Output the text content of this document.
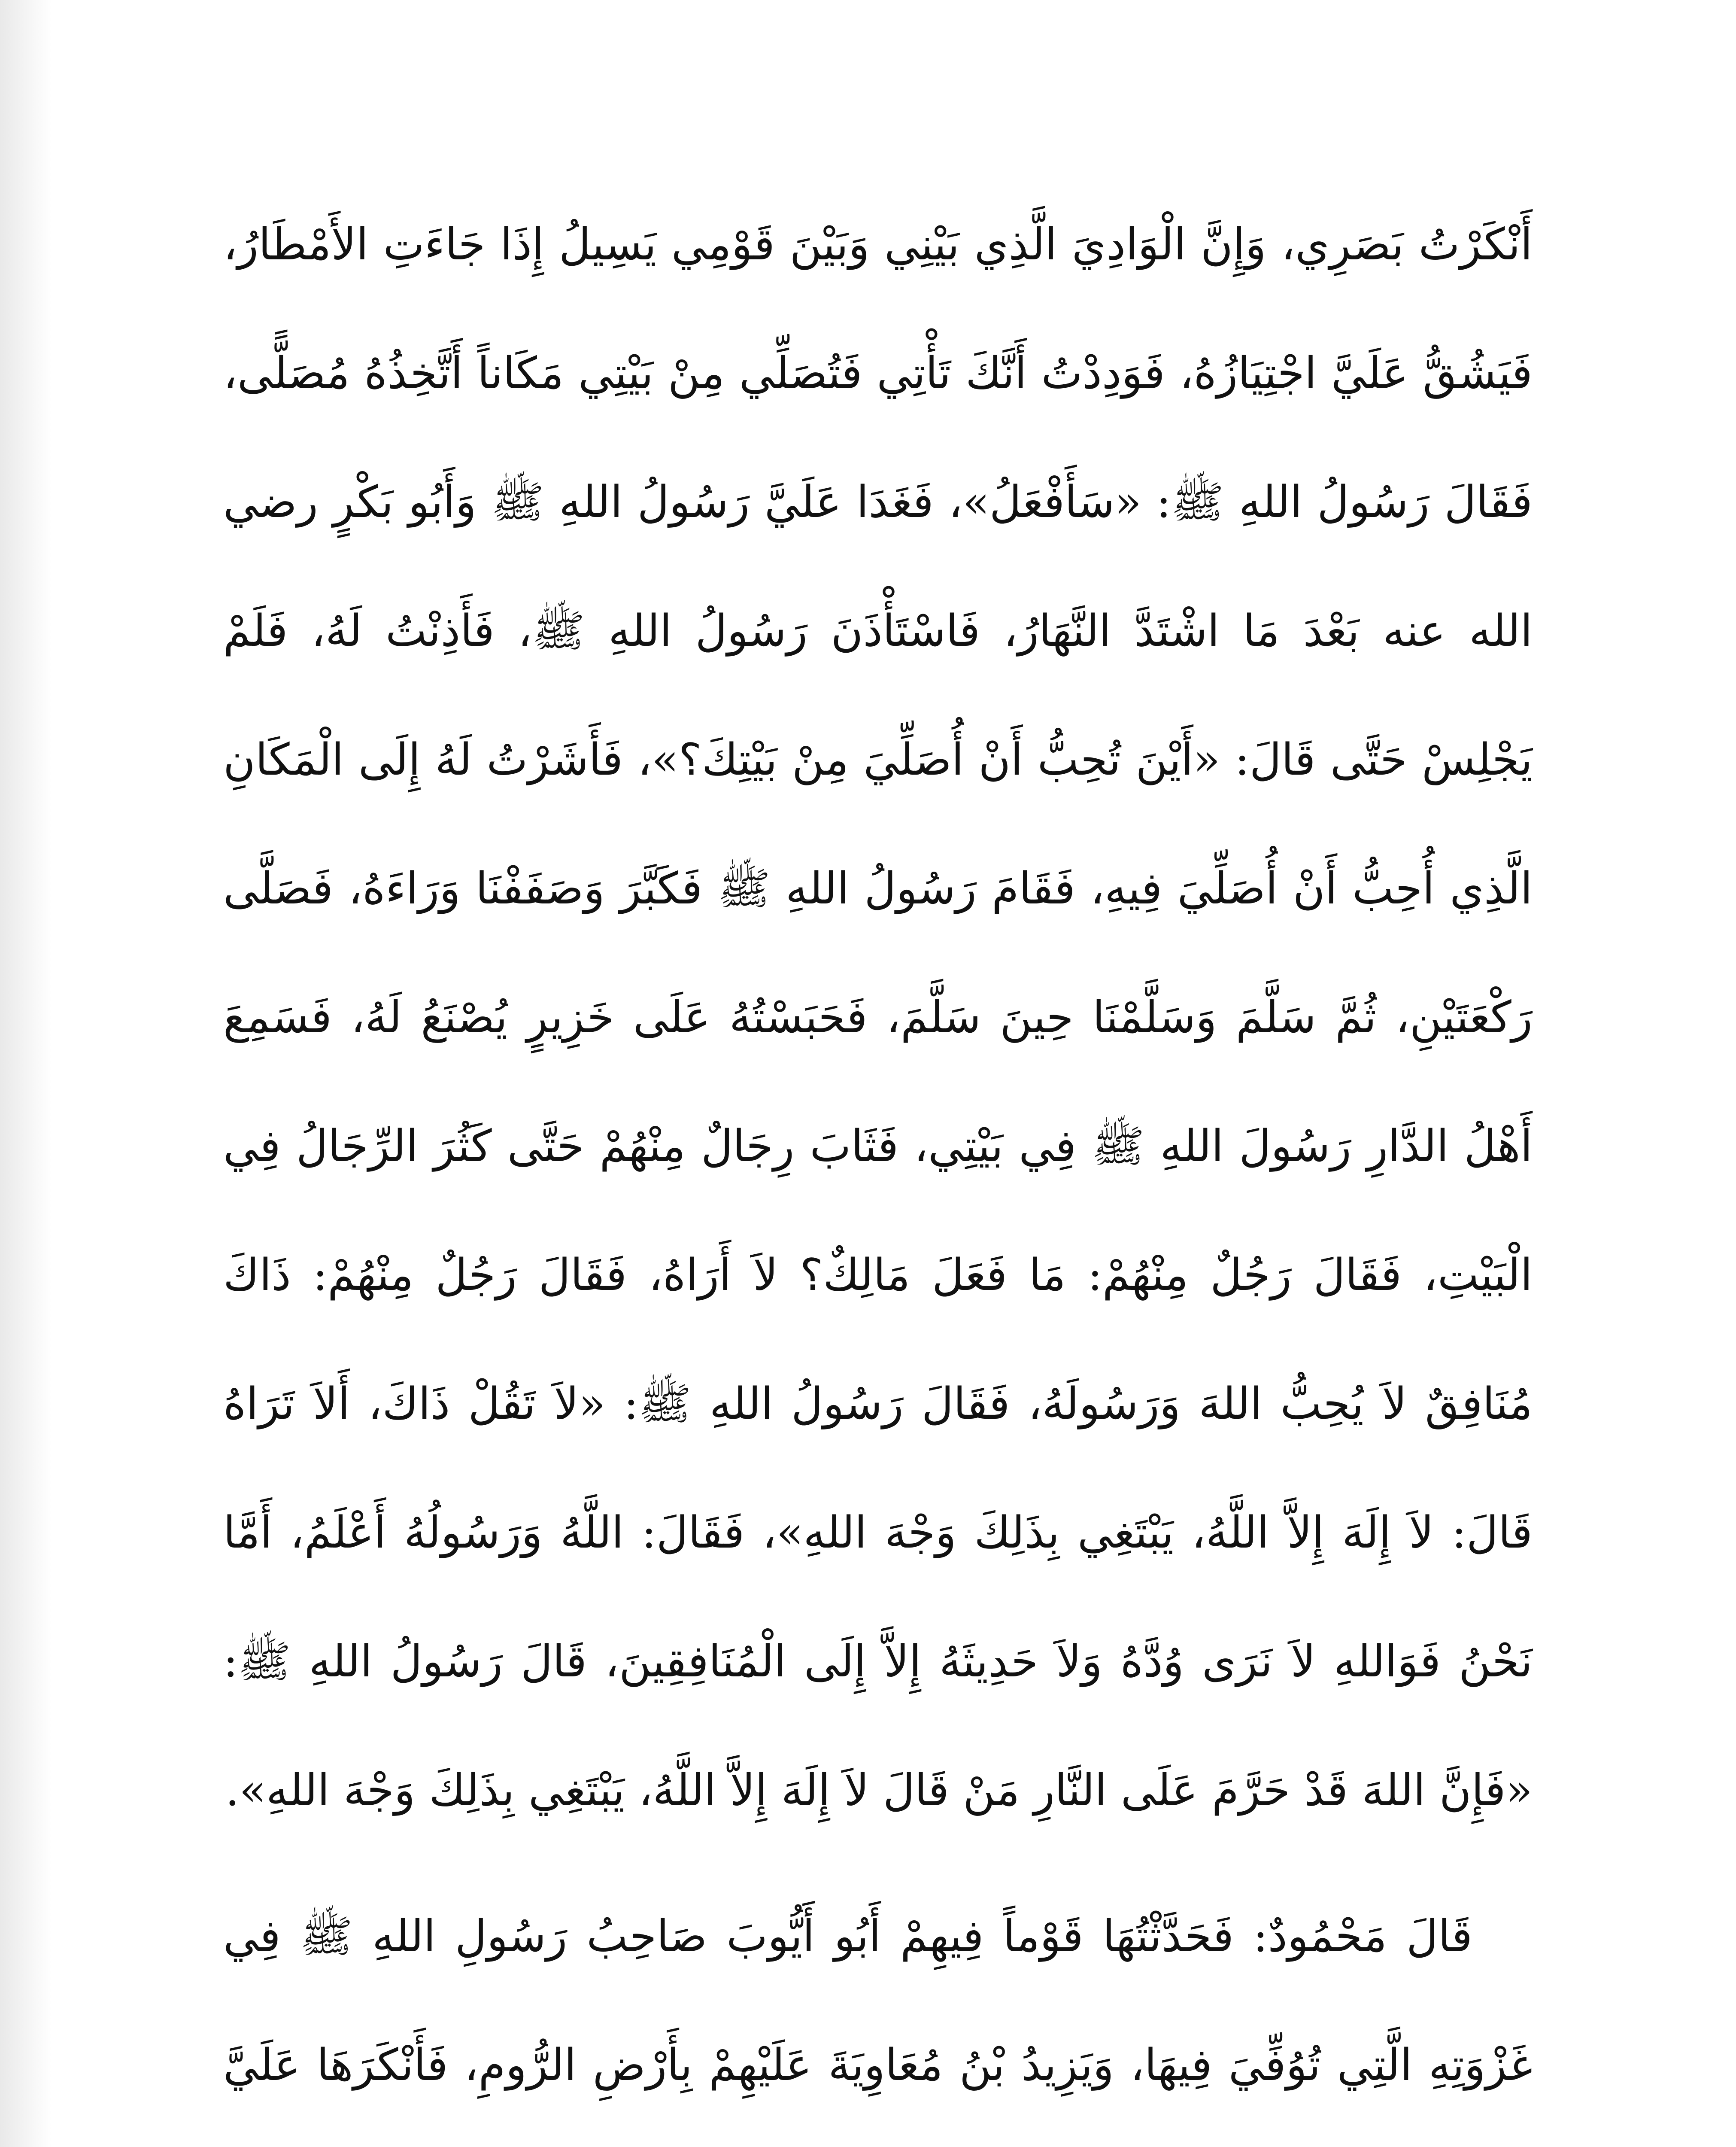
أَنْكَرْتُ بَصَرِي، وَإِنَّ الْوَادِيَ الَّذِي بَيْنِي وَبَيْنَ قَوْمِي يَسِيلُ إِذَا جَاءَتِ الأَمْطَارُ، فَيَشُقُّ عَلَيَّ اجْتِيَازُهُ، فَوَدِدْتُ أَنَّكَ تَأْتِي فَتُصَلِّي مِنْ بَيْتِي مَكَاناً أَتَّخِذُهُ مُصَلًّى، فَقَالَ رَسُولُ اللهِ ﷺ: «سَأَفْعَلُ»، فَغَدَا عَلَيَّ رَسُولُ اللهِ ﷺ وَأَبُو بَكْرٍ رضي الله عنه بَعْدَ مَا اشْتَدَّ النَّهَارُ، فَاسْتَأْذَنَ رَسُولُ اللهِ ﷺ، فَأَذِنْتُ لَهُ، فَلَمْ يَجْلِسْ حَتَّى قَالَ: «أَيْنَ تُحِبُّ أَنْ أُصَلِّيَ مِنْ بَيْتِكَ؟»، فَأَشَرْتُ لَهُ إِلَى الْمَكَانِ الَّذِي أُحِبُّ أَنْ أُصَلِّيَ فِيهِ، فَقَامَ رَسُولُ اللهِ ﷺ فَكَبَّرَ وَصَفَفْنَا وَرَاءَهُ، فَصَلَّى رَكْعَتَيْنِ، ثُمَّ سَلَّمَ وَسَلَّمْنَا حِينَ سَلَّمَ، فَحَبَسْتُهُ عَلَى خَزِيرٍ يُصْنَعُ لَهُ، فَسَمِعَ أَهْلُ الدَّارِ رَسُولَ اللهِ ﷺ فِي بَيْتِي، فَثَابَ رِجَالٌ مِنْهُمْ حَتَّى كَثُرَ الرِّجَالُ فِي الْبَيْتِ، فَقَالَ رَجُلٌ مِنْهُمْ: مَا فَعَلَ مَالِكٌ؟ لاَ أَرَاهُ، فَقَالَ رَجُلٌ مِنْهُمْ: ذَاكَ مُنَافِقٌ لاَ يُحِبُّ اللهَ وَرَسُولَهُ، فَقَالَ رَسُولُ اللهِ ﷺ: «لاَ تَقُلْ ذَاكَ، أَلاَ تَرَاهُ قَالَ: لاَ إِلَهَ إِلاَّ اللَّهُ، يَبْتَغِي بِذَلِكَ وَجْهَ اللهِ»، فَقَالَ: اللَّهُ وَرَسُولُهُ أَعْلَمُ، أَمَّا نَحْنُ فَوَاللهِ لاَ نَرَى وُدَّهُ وَلاَ حَدِيثَهُ إِلاَّ إِلَى الْمُنَافِقِينَ، قَالَ رَسُولُ اللهِ ﷺ: «فَإِنَّ اللهَ قَدْ حَرَّمَ عَلَى النَّارِ مَنْ قَالَ لاَ إِلَهَ إِلاَّ اللَّهُ، يَبْتَغِي بِذَلِكَ وَجْهَ اللهِ».

قَالَ مَحْمُودٌ: فَحَدَّثْتُهَا قَوْماً فِيهِمْ أَبُو أَيُّوبَ صَاحِبُ رَسُولِ اللهِ ﷺ فِي غَزْوَتِهِ الَّتِي تُوُفِّيَ فِيهَا، وَيَزِيدُ بْنُ مُعَاوِيَةَ عَلَيْهِمْ بِأَرْضِ الرُّومِ، فَأَنْكَرَهَا عَلَيَّ
